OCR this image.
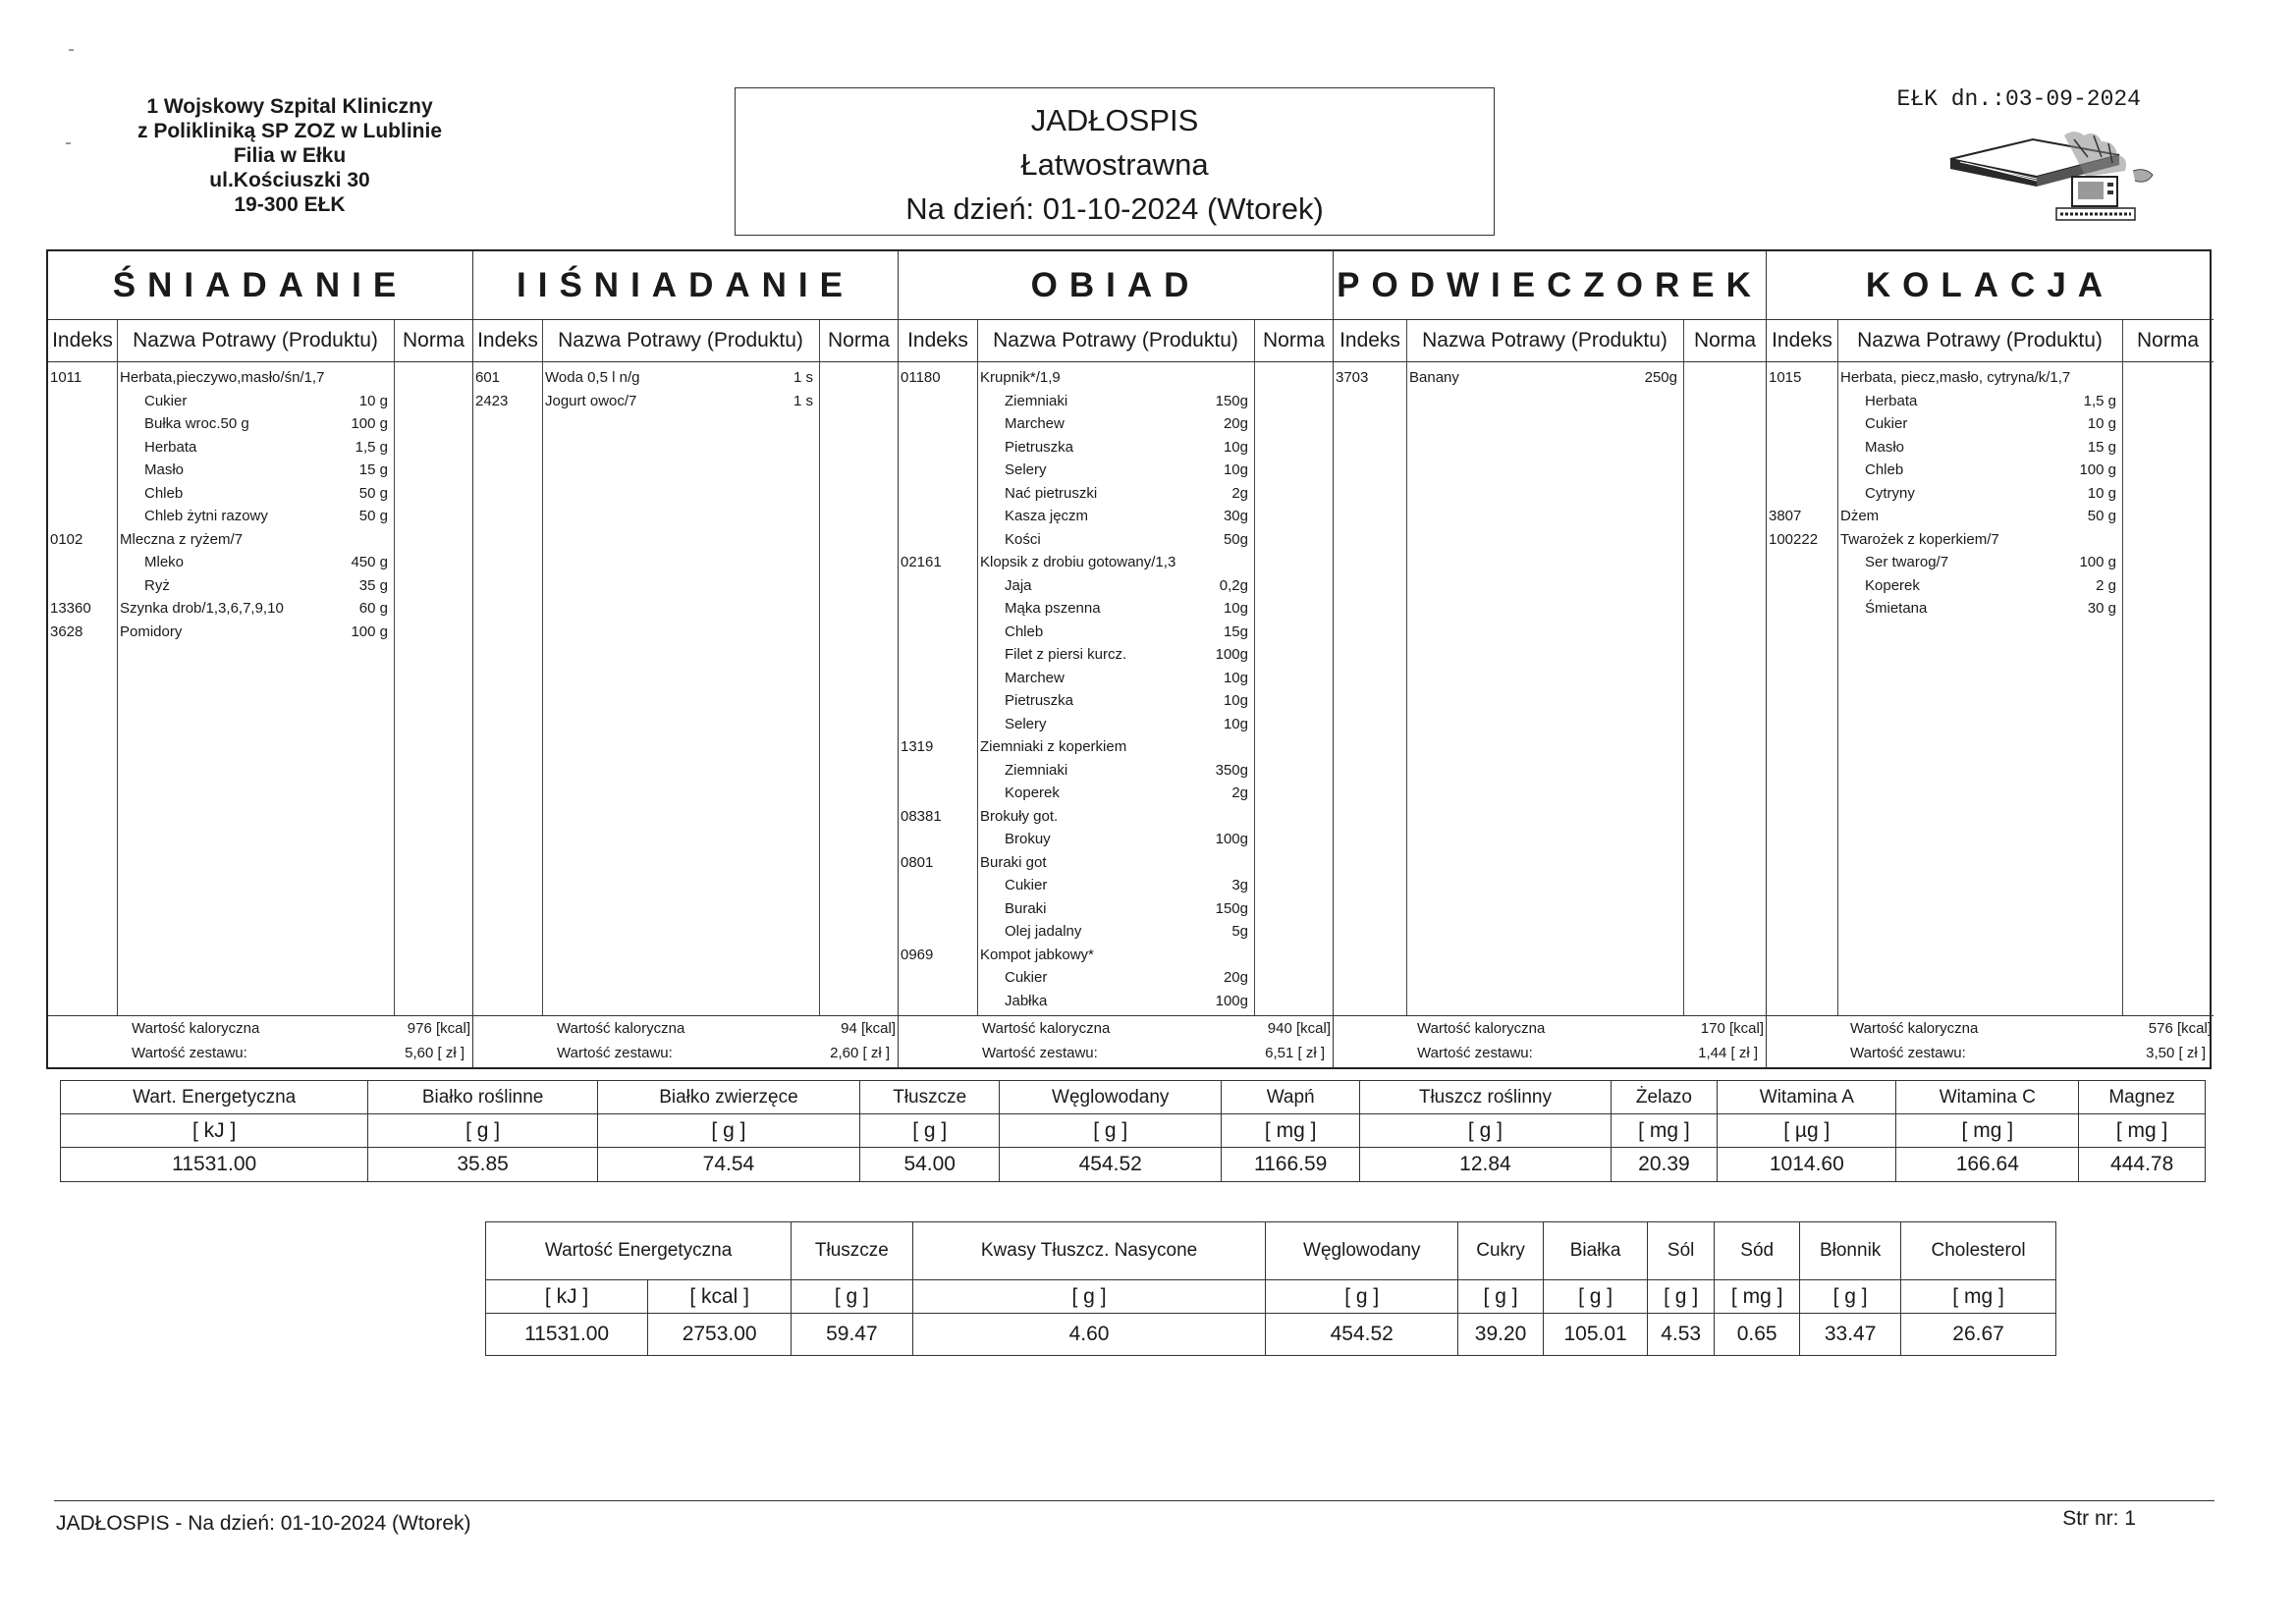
1 Wojskowy Szpital Kliniczny
z Polikliniką SP ZOZ w Lublinie
Filia w Ełku
ul.Kościuszki 30
19-300 EŁK
JADŁOSPIS
Łatwostrawna
Na dzień: 01-10-2024 (Wtorek)
EŁK dn.:03-09-2024
ŚNIADANIE
Indeks Nazwa Potrawy (Produktu)	Norma
1011	Herbata,pieczywo,masło/śn/1,7
Cukier	10 g
Bułka wroc.50 g	100 g
Herbata	1,5 g
Masło	15 g
Chleb	50 g
Chleb żytni razowy	50 g
0102	Mleczna z ryżem/7
Mleko	450 g
Ryż	35 g
13360 Szynka drob/1,3,6,7,9,10	60 g
3628	Pomidory	100 g
Wartość kaloryczna	976 [kcal]
Wartość zestawu:	5,60 [ zł ]
IIŚNIADANIE
Indeks Nazwa Potrawy (Produktu)	Norma
601	Woda 0,5 l n/g	1 s
2423	Jogurt owoc/7	1 s
Wartość kaloryczna	94 [kcal]
Wartość zestawu:	2,60 [ zł ]
OBIAD
Indeks	Nazwa Potrawy (Produktu)	Norma
01180	Krupnik*/1,9
Ziemniaki	150g
Marchew	20g
Pietruszka	10g
Selery	10g
Nać pietruszki	2g
Kasza jęczm	30g
Kości	50g
02161	Klopsik z drobiu gotowany/1,3
Jaja	0,2g
Mąka pszenna	10g
Chleb	15g
Filet z piersi kurcz.	100g
Marchew	10g
Pietruszka	10g
Selery	10g
1319	Ziemniaki z koperkiem
Ziemniaki	350g
Koperek	2g
08381	Brokuły got.
Brokuy	100g
0801	Buraki got
Cukier	3g
Buraki	150g
Olej jadalny	5g
0969	Kompot jabkowy*
Cukier	20g
Jabłka	100g
Wartość kaloryczna	940 [kcal]
Wartość zestawu:	6,51 [ zł ]
PODWIECZOREK
Indeks	Nazwa Potrawy (Produktu)	Norma
3703	Banany	250g
Wartość kaloryczna	170 [kcal]
Wartość zestawu:	1,44 [ zł ]
KOLACJA
Indeks	Nazwa Potrawy (Produktu)	Norma
1015	Herbata, piecz,masło, cytryna/k/1,7
Herbata	1,5 g
Cukier	10 g
Masło	15 g
Chleb	100 g
Cytryny	10 g
3807	Dżem	50 g
100222 Twarożek z koperkiem/7
Ser twarog/7	100 g
Koperek	2 g
Śmietana	30 g
Wartość kaloryczna	576 [kcal]
Wartość zestawu:	3,50 [ zł ]
Wart. Energetyczna	Białko roślinne	Białko zwierzęce	Tłuszcze	Węglowodany	Wapń	Tłuszcz roślinny	Żelazo	Witamina A	Witamina C	Magnez
[ kJ ]	[ g ]	[ g ]	[ g ]	[ g ]	[ mg ]	[ g ]	[ mg ]	[ µg ]	[ mg ]	[ mg ]
11531.00	35.85	74.54	54.00	454.52	1166.59	12.84	20.39	1014.60	166.64	444.78
Wartość Energetyczna		Tłuszcze	Kwasy Tłuszcz. Nasycone	Węglowodany	Cukry	Białka	Sól	Sód	Błonnik	Cholesterol
[ kJ ]	[ kcal ]	[ g ]	[ g ]	[ g ]	[ g ]	[ g ]	[ g ]	[ mg ]	[ g ]	[ mg ]
11531.00	2753.00	59.47	4.60	454.52	39.20	105.01	4.53	0.65	33.47	26.67
JADŁOSPIS - Na dzień: 01-10-2024 (Wtorek)	Str nr: 1
